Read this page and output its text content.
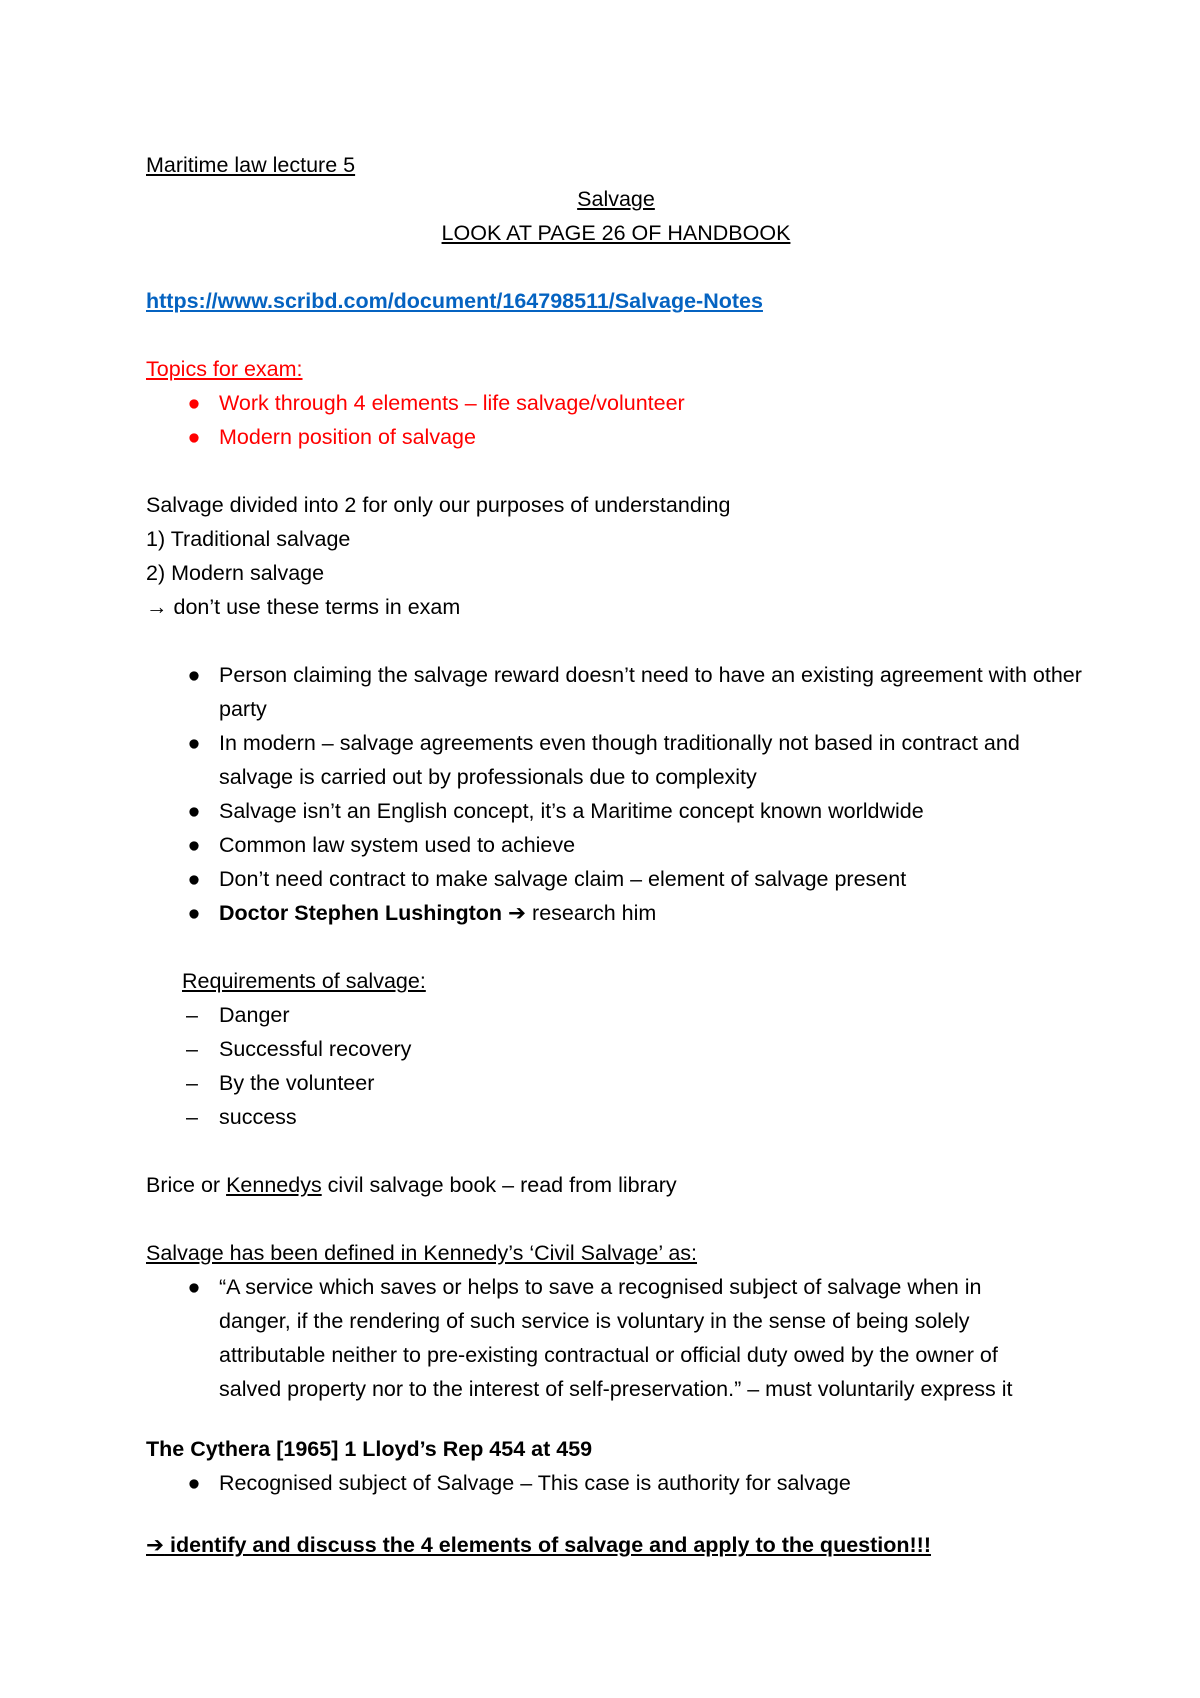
Maritime law lecture 5
Salvage
LOOK AT PAGE 26 OF HANDBOOK
https://www.scribd.com/document/164798511/Salvage-Notes
Topics for exam:
● Work through 4 elements – life salvage/volunteer
● Modern position of salvage
Salvage divided into 2 for only our purposes of understanding
1) Traditional salvage
2) Modern salvage
→ don’t use these terms in exam
● Person claiming the salvage reward doesn’t need to have an existing agreement with other party
● In modern – salvage agreements even though traditionally not based in contract and salvage is carried out by professionals due to complexity
● Salvage isn’t an English concept, it’s a Maritime concept known worldwide
● Common law system used to achieve
● Don’t need contract to make salvage claim – element of salvage present
● Doctor Stephen Lushington ➔ research him
Requirements of salvage:
– Danger
– Successful recovery
– By the volunteer
– success
Brice or Kennedys civil salvage book – read from library
Salvage has been defined in Kennedy’s ‘Civil Salvage’ as:
● “A service which saves or helps to save a recognised subject of salvage when in
danger, if the rendering of such service is voluntary in the sense of being solely
attributable neither to pre-existing contractual or official duty owed by the owner of
salved property nor to the interest of self-preservation.” – must voluntarily express it
The Cythera [1965] 1 Lloyd’s Rep 454 at 459
● Recognised subject of Salvage – This case is authority for salvage
➔ identify and discuss the 4 elements of salvage and apply to the question!!!
